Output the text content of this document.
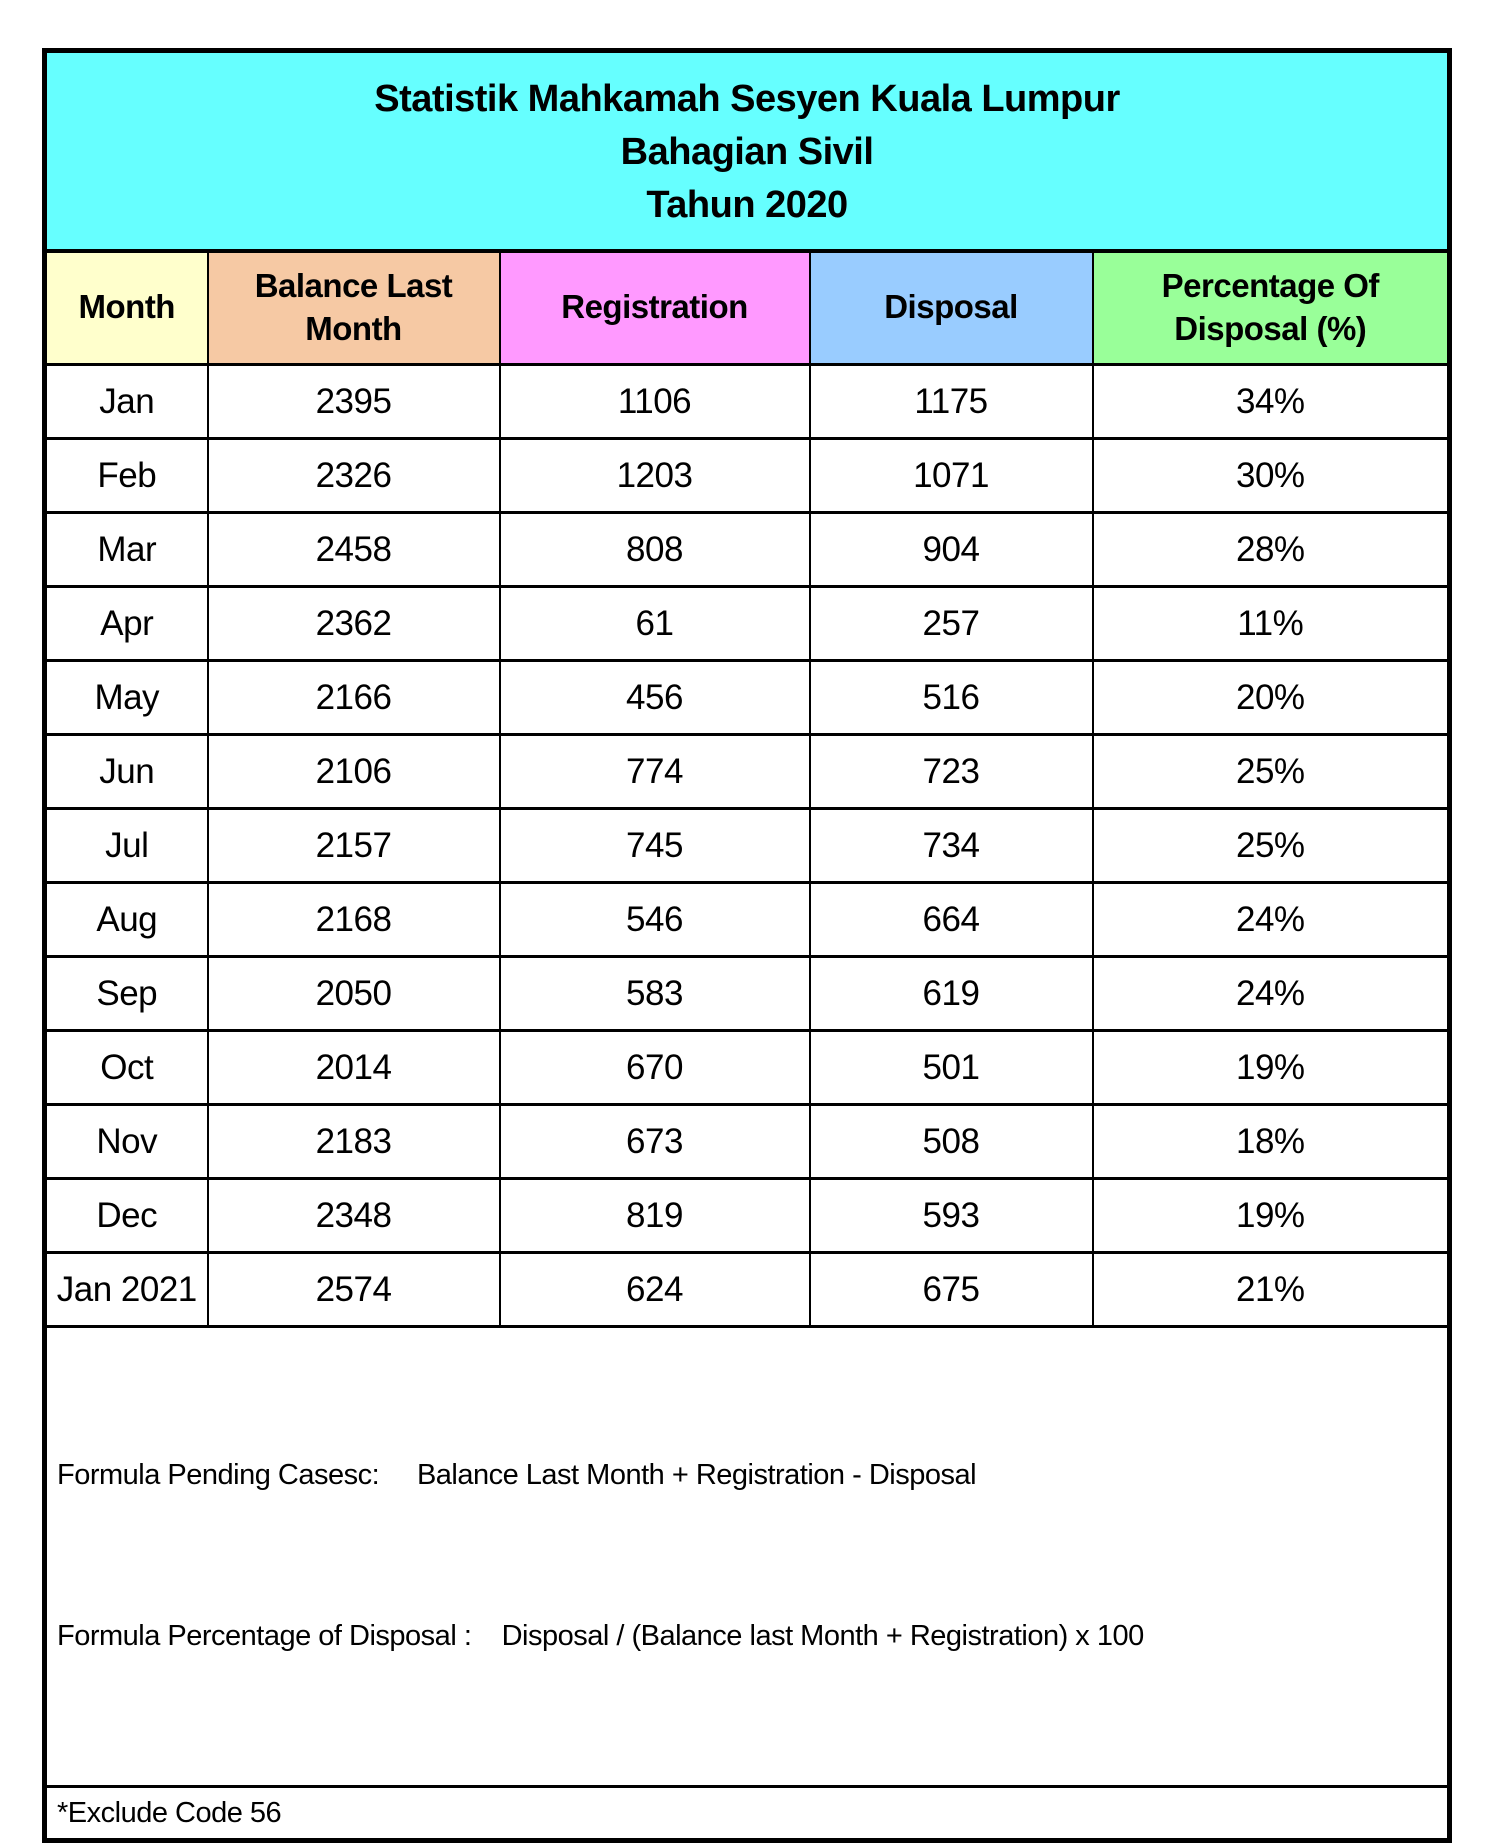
Statistik Mahkamah Sesyen Kuala Lumpur
Bahagian Sivil
Tahun 2020				

Month	Balance Last Month	Registration	Disposal	Percentage Of Disposal (%)
Jan	2395	1106	1175	34%
Feb	2326	1203	1071	30%
Mar	2458	808	904	28%
Apr	2362	61	257	11%
May	2166	456	516	20%
Jun	2106	774	723	25%
Jul	2157	745	734	25%
Aug	2168	546	664	24%
Sep	2050	583	619	24%
Oct	2014	670	501	19%
Nov	2183	673	508	18%
Dec	2348	819	593	19%
Jan 2021	2574	624	675	21%

Formula Pending Casesc:     Balance Last Month + Registration - Disposal

Formula Percentage of Disposal :    Disposal / (Balance last Month + Registration) x 100				

*Exclude Code 56				
